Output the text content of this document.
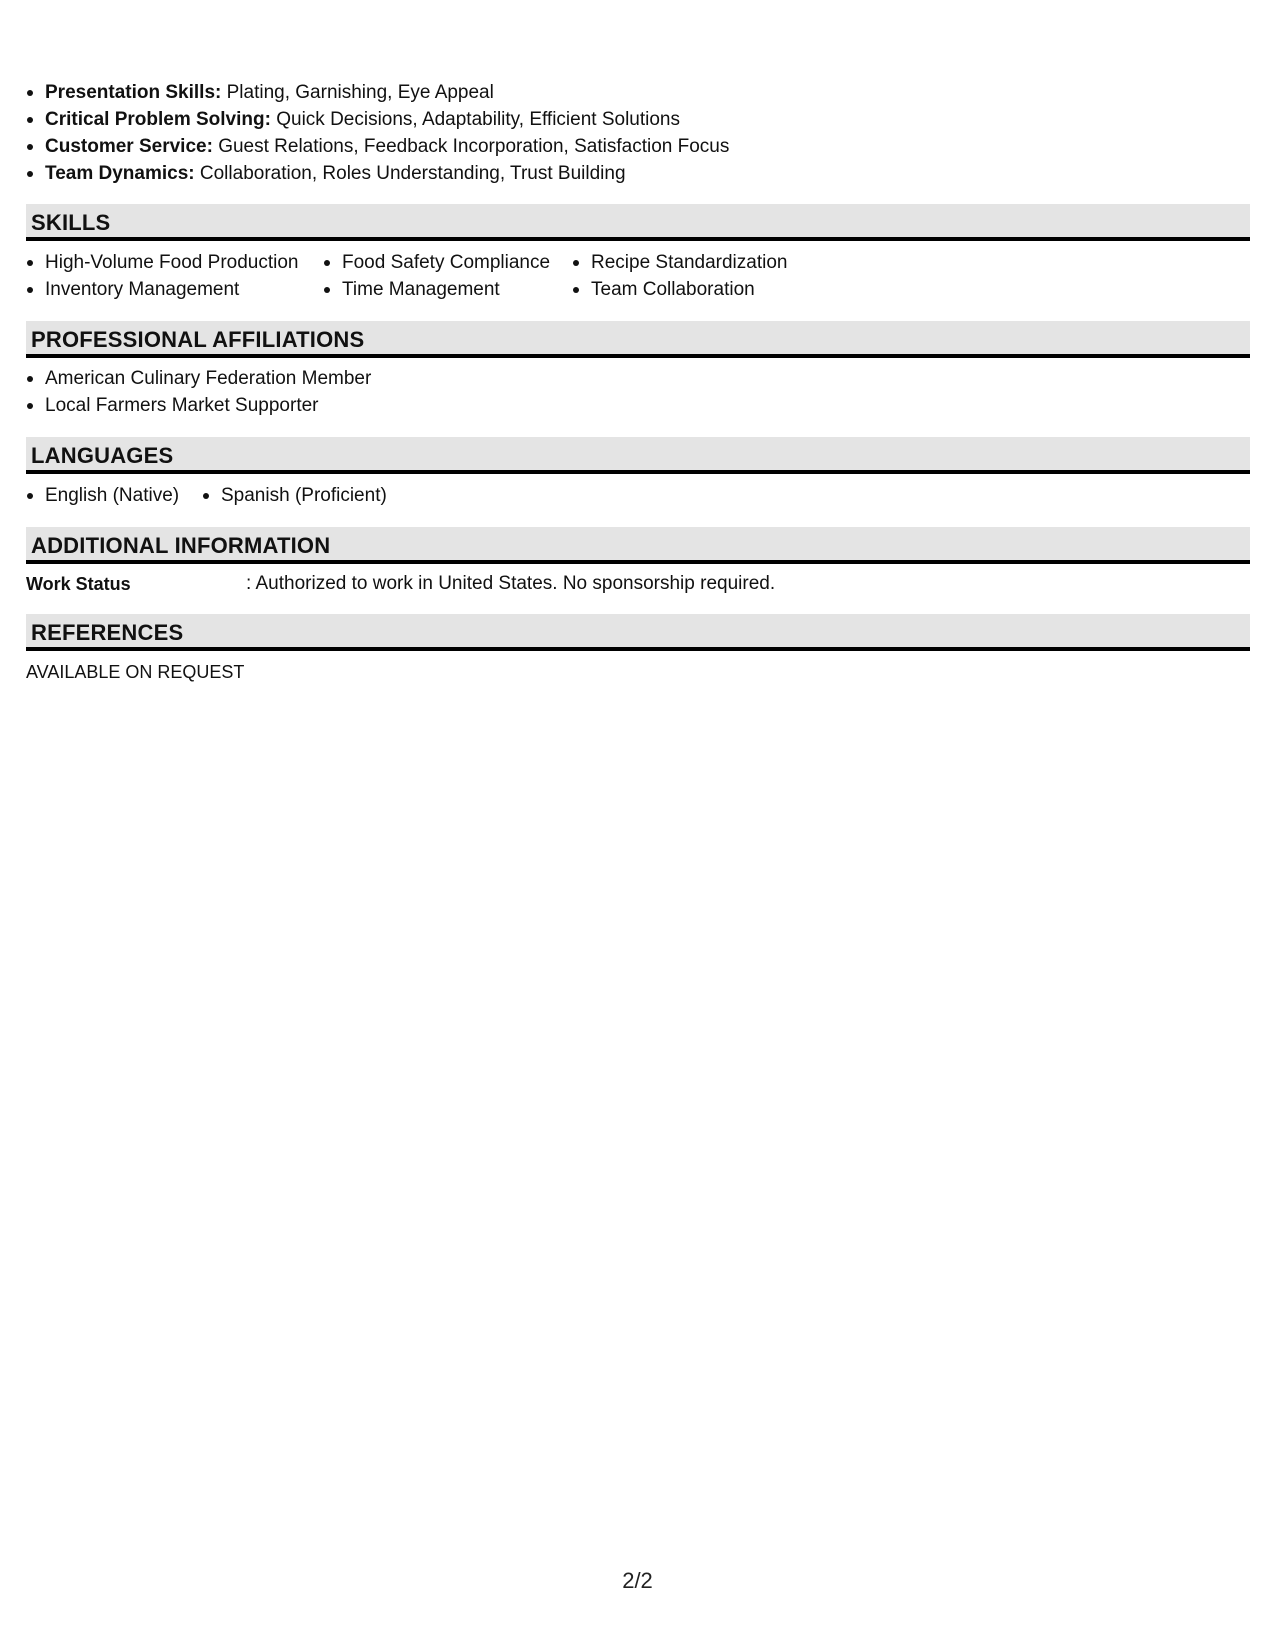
Presentation Skills: Plating, Garnishing, Eye Appeal
Critical Problem Solving: Quick Decisions, Adaptability, Efficient Solutions
Customer Service: Guest Relations, Feedback Incorporation, Satisfaction Focus
Team Dynamics: Collaboration, Roles Understanding, Trust Building
SKILLS
High-Volume Food Production
Inventory Management
Food Safety Compliance
Time Management
Recipe Standardization
Team Collaboration
PROFESSIONAL AFFILIATIONS
American Culinary Federation Member
Local Farmers Market Supporter
LANGUAGES
English (Native)	Spanish (Proficient)
ADDITIONAL INFORMATION
Work Status	: Authorized to work in United States. No sponsorship required.
REFERENCES
AVAILABLE ON REQUEST
2/2
